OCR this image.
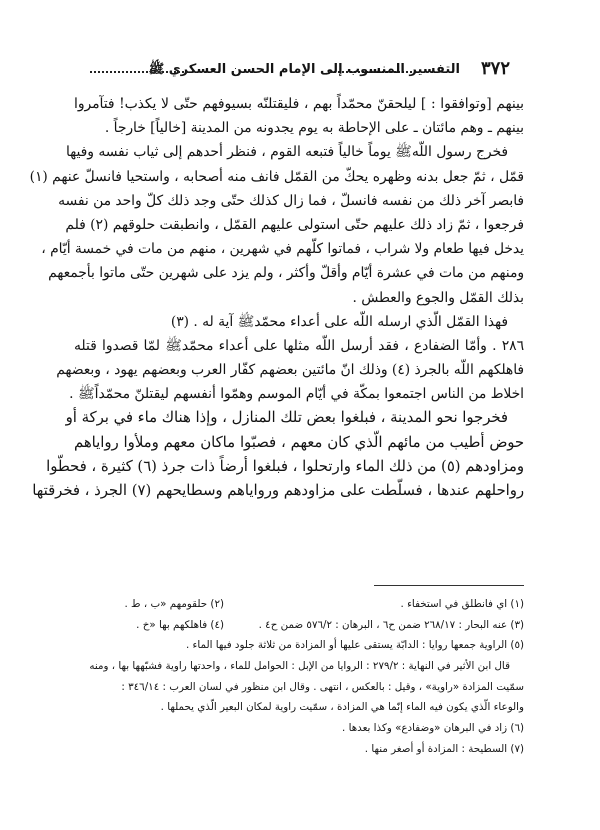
٣٧٢
التفسير المنسوب إلى الإمام الحسن العسكري ﷺ
بينهم [وتوافقوا : ] ليلحقنّ محمّداً بهم ، فليقتلنّه بسيوفهم حتّى لا يكذب! فتآمروا
بينهم ـ وهم مائتان ـ على الإحاطة به يوم يجدونه من المدينة [خالياً] خارجاً .
فخرج رسول اللّهﷺ يوماً خالياً فتبعه القوم ، فنظر أحدهم إلى ثياب نفسه وفيها
قمّل ، ثمّ جعل بدنه وظهره يحكّ من القمّل فانف منه أصحابه ، واستحيا فانسلّ عنهم (١)
فابصر آخر ذلك من نفسه فانسلّ ، فما زال كذلك حتّى وجد ذلك كلّ واحد من نفسه
فرجعوا ، ثمّ زاد ذلك عليهم حتّى استولى عليهم القمّل ، وانطبقت حلوقهم (٢) فلم
يدخل فيها طعام ولا شراب ، فماتوا كلّهم في شهرين ، منهم من مات في خمسة أيّام ،
ومنهم من مات في عشرة أيّام وأقلّ وأكثر ، ولم يزد على شهرين حتّى ماتوا بأجمعهم
بذلك القمّل والجوع والعطش .
فهذا القمّل الّذي ارسله اللّه على أعداء محمّدﷺ آية له . (٣)
٢٨٦ . وأمّا الضفادع ، فقد أرسل اللّه مثلها على أعداء محمّدﷺ لمّا قصدوا قتله
فاهلكهم اللّه بالجرذ (٤) وذلك انّ مائتين بعضهم كفّار العرب وبعضهم يهود ، وبعضهم
اخلاط من الناس اجتمعوا بمكّة في أيّام الموسم وهمّوا أنفسهم ليقتلنّ محمّداًﷺ .
فخرجوا نحو المدينة ، فبلغوا بعض تلك المنازل ، وإذا هناك ماء في بركة أو
حوض أطيب من مائهم الّذي كان معهم ، فصبّوا ماكان معهم وملأوا رواياهم
ومزاودهم (٥) من ذلك الماء وارتحلوا ، فبلغوا أرضاً ذات جرذ (٦) كثيرة ، فحطّوا
رواحلهم عندها ، فسلّطت على مزاودهم ورواياهم وسطايحهم (٧) الجرذ ، فخرقتها
(١) اي فانطلق في استخفاء .
(٢) حلقومهم «ب ، ط .
(٣) عنه البحار : ٢٦٨/١٧ ضمن ح٦ ، البرهان : ٥٧٦/٢ ضمن ح٤ .
(٤) فاهلكهم بها «خ .
(٥) الراوية جمعها روايا : الدابّة يستقى عليها أو المزادة من ثلاثة جلود فيها الماء .
قال ابن الأثير في النهاية : ٢٧٩/٢ : الروايا من الإبل : الحوامل للماء ، واحدتها راوية فشبّهها بها ، ومنه
سمّيت المزادة «راوية» ، وقيل : بالعكس ، انتهى . وقال ابن منظور في لسان العرب : ٣٤٦/١٤ :
والوعاء الّذي يكون فيه الماء إنّما هي المزادة ، سمّيت راوية لمكان البعير الّذي يحملها .
(٦) زاد في البرهان «وضفادع» وكذا بعدها .
(٧) السطيحة : المزادة أو أصغر منها .
